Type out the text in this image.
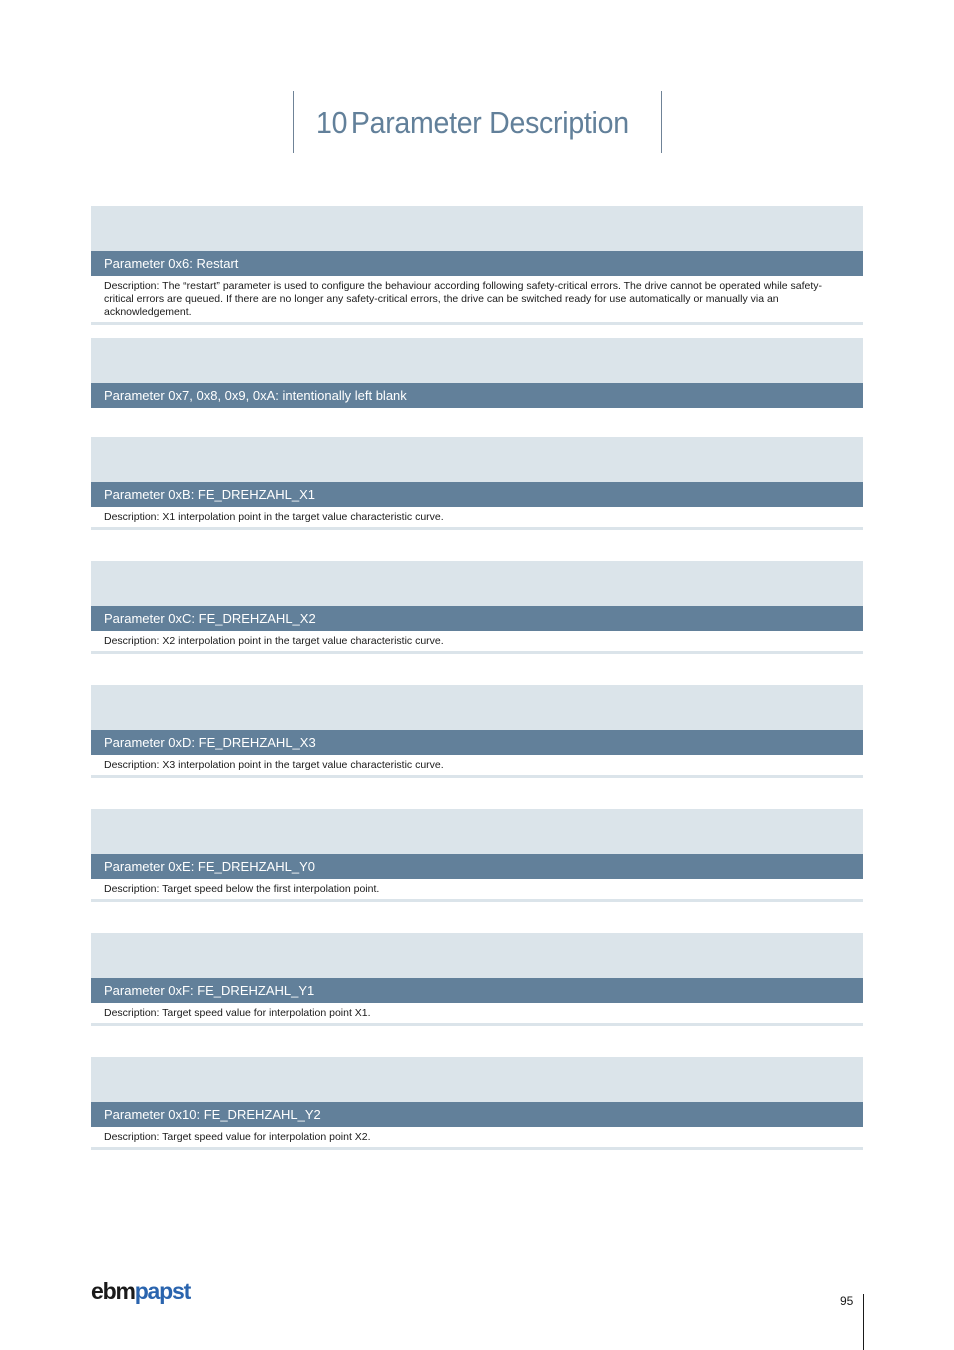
10 Parameter Description
Parameter 0x6: Restart
Description: The “restart” parameter is used to configure the behaviour according following safety-critical errors. The drive cannot be operated while safety-critical errors are queued. If there are no longer any safety-critical errors, the drive can be switched ready for use automatically or manually via an acknowledgement.
Parameter 0x7, 0x8, 0x9, 0xA: intentionally left blank
Parameter 0xB: FE_DREHZAHL_X1
Description: X1 interpolation point in the target value characteristic curve.
Parameter 0xC: FE_DREHZAHL_X2
Description: X2 interpolation point in the target value characteristic curve.
Parameter 0xD: FE_DREHZAHL_X3
Description: X3 interpolation point in the target value characteristic curve.
Parameter 0xE: FE_DREHZAHL_Y0
Description: Target speed below the first interpolation point.
Parameter 0xF: FE_DREHZAHL_Y1
Description: Target speed value for interpolation point X1.
Parameter 0x10: FE_DREHZAHL_Y2
Description: Target speed value for interpolation point X2.
ebmpapst	95
